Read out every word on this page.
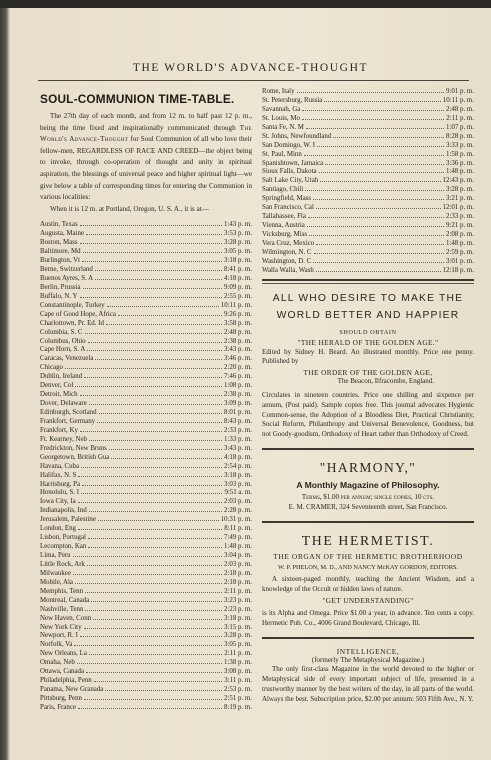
THE WORLD'S ADVANCE-THOUGHT
SOUL-COMMUNION TIME-TABLE.

The 27th day of each month, and from 12 m. to half past 12 p. m., being the time fixed and inspirationally communicated through The World's Advance-Thought for Soul Communion of all who love their fellow-men, REGARDLESS OF RACE AND CREED—the object being to invoke, through co-operation of thought and unity in spiritual aspiration, the blessings of universal peace and higher spiritual light—we give below a table of corresponding times for entering the Communion in various localities:

When it is 12 m. at Portland, Oregon, U. S. A., it is at—

Austin, Texas	1:43 p. m.
Augusta, Maine	3:53 p. m.
Boston, Mass	3:28 p. m.
Baltimore, Md	3:05 p. m.
Burlington, Vt	3:18 p. m.
Berne, Switzerland	8:41 p. m.
Buenos Ayres, S. A	4:18 p. m.
Berlin, Prussia	9:09 p. m.
Buffalo, N. Y	2:55 p. m.
Constantinople, Turkey	10:11 p. m.
Cape of Good Hope, Africa	9:26 p. m.
Charlottown, Pr. Ed. Id	3:58 p. m.
Columbia, S. C	2:48 p. m.
Columbus, Ohio	2:38 p. m.
Cape Horn, S. A	3:43 p. m.
Caracas, Venezuela	3:46 p. m.
Chicago	2:20 p. m.
Dublin, Ireland	7:46 p. m.
Denver, Col	1:08 p. m.
Detroit, Mich	2:38 p. m.
Dover, Delaware	3:09 p. m.
Edinburgh, Scotland	8:01 p. m.
Frankfort, Germany	8:43 p. m.
Frankfort, Ky	2:33 p. m.
Ft. Kearney, Neb	1:33 p. m.
Fredrickton, New Bruns	3:43 p. m.
Georgetown, British Gua	4:18 p. m.
Havana, Cuba	2:54 p. m.
Halifax, N. S	3:18 p. m.
Harrisburg, Pa	3:03 p. m.
Honolulu, S. I	9:51 a. m.
Iowa City, Ia	2:03 p. m.
Indianapolis, Ind	2:28 p. m.
Jerusalem, Palestine	10:31 p. m.
London, Eng	8:11 p. m.
Lisbon, Portugal	7:49 p. m.
Lecompton, Kan	1:48 p. m.
Lima, Peru	3:04 p. m.
Little Rock, Ark	2:03 p. m.
Milwaukee	2:18 p. m.
Mobile, Ala	2:18 p. m.
Memphis, Tenn	2:11 p. m.
Montreal, Canada	3:23 p. m.
Nashville, Tenn	2:23 p. m.
New Haven, Conn	3:18 p. m.
New York City	3:15 p. m.
Newport, R. I	3:28 p. m.
Norfolk, Va	3:05 p. m.
New Orleans, La	2:11 p. m.
Omaha, Neb	1:38 p. m.
Ottawa, Canada	3:08 p. m.
Philadelphia, Penn	3:11 p. m.
Panama, New Granada	2:53 p. m.
Pittsburg, Penn	2:51 p. m.
Paris, France	8:19 p. m.
Rome, Italy	9:01 p. m.
St. Petersburg, Russia	10:11 p. m.
Savannah, Ga	2:48 p. m.
St. Louis, Mo	2:11 p. m.
Santa Fe, N. M	1:07 p. m.
St. Johns, Newfoundland	8:28 p. m.
San Domingo, W. I	3:33 p. m.
St. Paul, Minn	1:58 p. m.
Spanishtown, Jamaica	3:36 p. m.
Sioux Falls, Dakota	1:48 p. m.
Salt Lake City, Utah	12:43 p. m.
Santiago, Chili	3:28 p. m.
Springfield, Mass	3:21 p. m.
San Francisco, Cal	12:01 p. m.
Tallahassee, Fla	2:33 p. m.
Vienna, Austria	9:21 p. m.
Vicksburg, Miss	2:08 p. m.
Vera Cruz, Mexico	1:48 p. m.
Wilmington, N. C	2:59 p. m.
Washington, D. C	3:01 p. m.
Walla Walla, Wash	12:18 p. m.
ALL WHO DESIRE TO MAKE THE
WORLD BETTER AND HAPPIER
SHOULD OBTAIN
"THE HERALD OF THE GOLDEN AGE."
Edited by Sidney H. Beard. An illustrated monthly. Price one penny. Published by
THE ORDER OF THE GOLDEN AGE,
The Beacon, Ilfracombe, England.
Circulates in nineteen countries. Price one shilling and sixpence per annum, (Post paid). Sample copies free. This journal advocates Hygienic Common-sense, the Adoption of a Bloodless Diet, Practical Christianity, Social Reform, Philanthropy and Universal Benevolence, Goodness, but not Goody-goodism, Orthodoxy of Heart rather than Orthodoxy of Creed.
"HARMONY,"
A Monthly Magazine of Philosophy.
Terms, $1.00 per annum; single copies, 10 cts.
E. M. CRAMER, 324 Seventeenth street, San Francisco.
THE HERMETIST.
THE ORGAN OF THE HERMETIC BROTHERHOOD
W. P. PHELON, M. D., AND NANCY McKAY GORDON, EDITORS.
A sixteen-paged monthly, teaching the Ancient Wisdom, and a knowledge of the Occult or hidden laws of nature.
"GET UNDERSTANDING"
is its Alpha and Omega. Price $1.00 a year, in advance. Ten cents a copy. Hermetic Pub. Co., 4006 Grand Boulevard, Chicago, Ill.
INTELLIGENCE,
(formerly The Metaphysical Magazine.)
The only first-class Magazine in the world devoted to the higher or Metaphysical side of every important subject of life, presented in a trustworthy manner by the best writers of the day, in all parts of the world. Always the best. Subscription price, $2.00 per annum: 503 Fifth Ave., N. Y.
